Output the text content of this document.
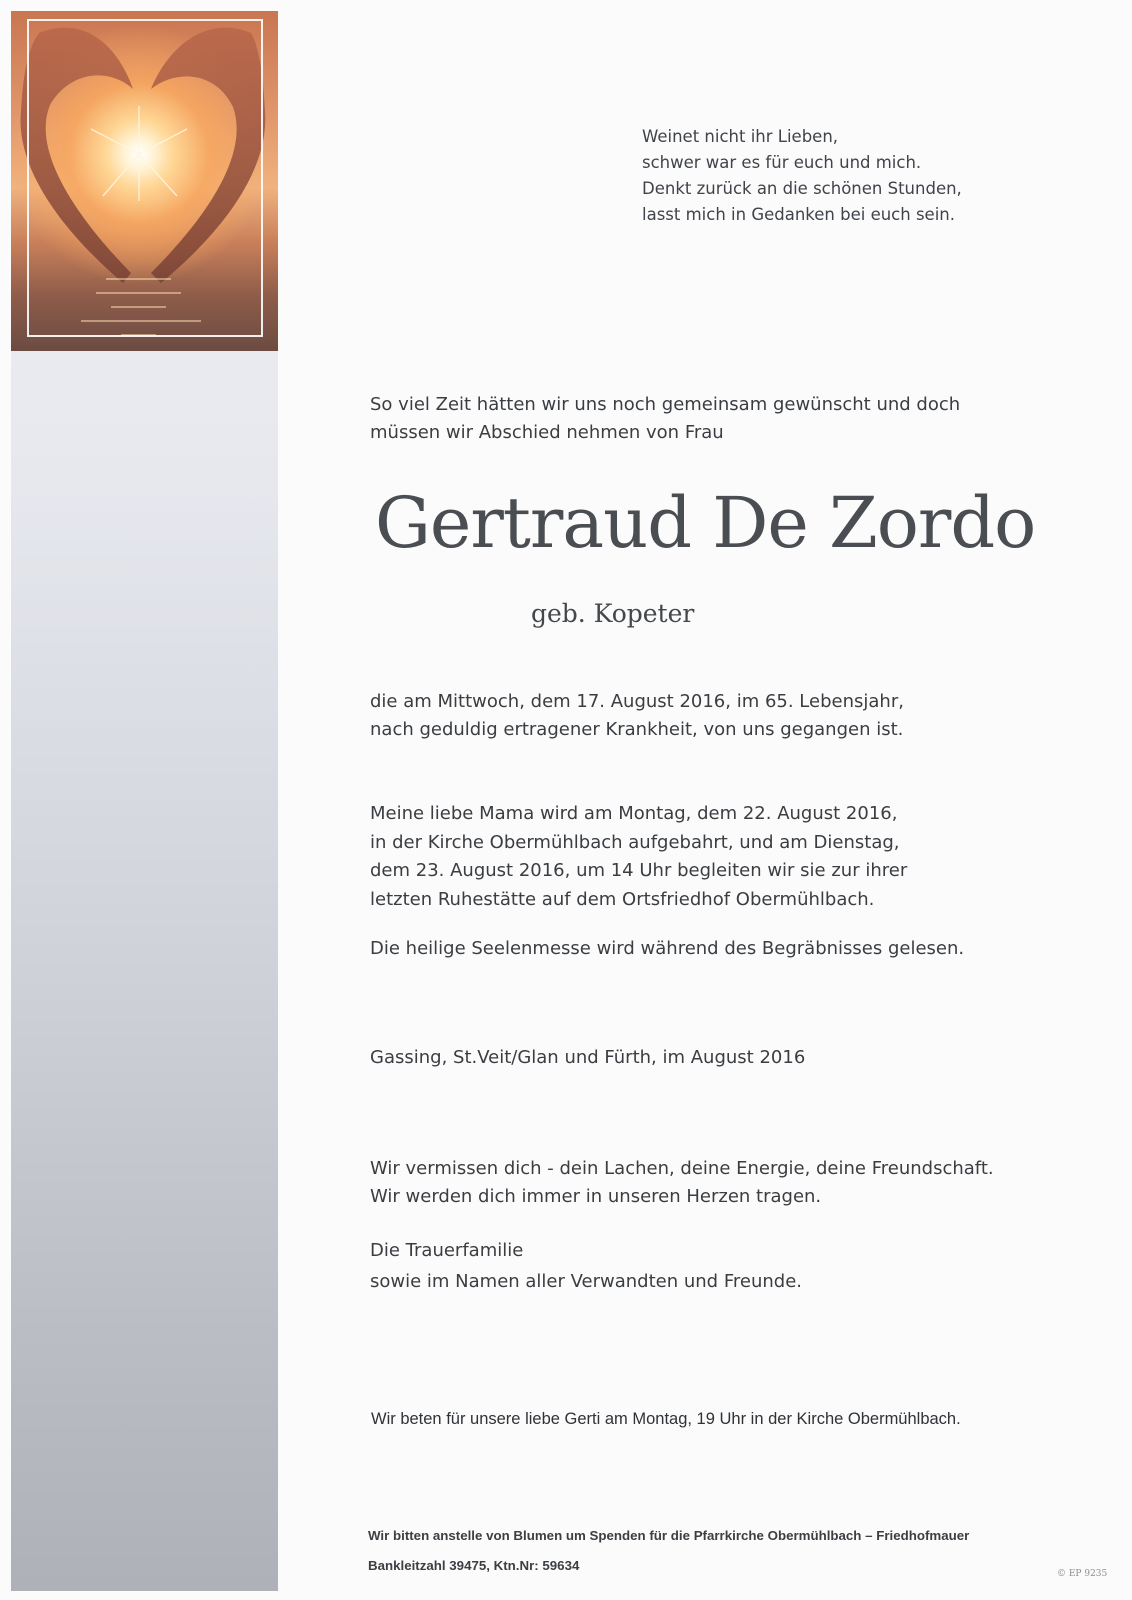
Weinet nicht ihr Lieben,
schwer war es für euch und mich.
Denkt zurück an die schönen Stunden,
lasst mich in Gedanken bei euch sein.
So viel Zeit hätten wir uns noch gemeinsam gewünscht und doch
müssen wir Abschied nehmen von Frau
Gertraud De Zordo
geb. Kopeter
die am Mittwoch, dem 17. August 2016, im 65. Lebensjahr,
nach geduldig ertragener Krankheit, von uns gegangen ist.
Meine liebe Mama wird am Montag, dem 22. August 2016,
in der Kirche Obermühlbach aufgebahrt, und am Dienstag,
dem 23. August 2016, um 14 Uhr begleiten wir sie zur ihrer
letzten Ruhestätte auf dem Ortsfriedhof Obermühlbach.
Die heilige Seelenmesse wird während des Begräbnisses gelesen.
Gassing, St.Veit/Glan und Fürth, im August 2016
Wir vermissen dich - dein Lachen, deine Energie, deine Freundschaft.
Wir werden dich immer in unseren Herzen tragen.
Die Trauerfamilie
sowie im Namen aller Verwandten und Freunde.
Wir beten für unsere liebe Gerti am Montag, 19 Uhr in der Kirche Obermühlbach.
Wir bitten anstelle von Blumen um Spenden für die Pfarrkirche Obermühlbach – Friedhofmauer
Bankleitzahl 39475, Ktn.Nr: 59634
© EP 9235
